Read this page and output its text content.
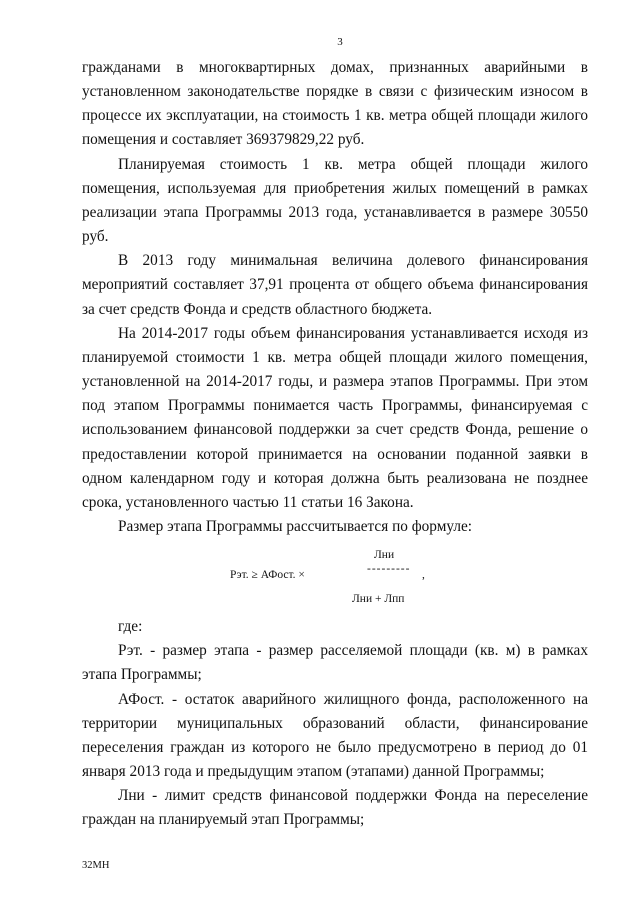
3

гражданами в многоквартирных домах, признанных аварийными в установленном законодательстве порядке в связи с физическим износом в процессе их эксплуатации, на стоимость 1 кв. метра общей площади жилого помещения и составляет 369379829,22 руб.

Планируемая стоимость 1 кв. метра общей площади жилого помещения, используемая для приобретения жилых помещений в рамках реализации этапа Программы 2013 года, устанавливается в размере 30550 руб.

В 2013 году минимальная величина долевого финансирования мероприятий составляет 37,91 процента от общего объема финансирования за счет средств Фонда и средств областного бюджета.

На 2014-2017 годы объем финансирования устанавливается исходя из планируемой стоимости 1 кв. метра общей площади жилого помещения, установленной на 2014-2017 годы, и размера этапов Программы. При этом под этапом Программы понимается часть Программы, финансируемая с использованием финансовой поддержки за счет средств Фонда, решение о предоставлении которой принимается на основании поданной заявки в одном календарном году и которая должна быть реализована не позднее срока, установленного частью 11 статьи 16 Закона.

Размер этапа Программы рассчитывается по формуле:

Лни
---------
Рэт. ≥ АФост. ×	,
Лни + Лпп

где:

Рэт. - размер этапа - размер расселяемой площади (кв. м) в рамках этапа Программы;

АФост. - остаток аварийного жилищного фонда, расположенного на территории муниципальных образований области, финансирование переселения граждан из которого не было предусмотрено в период до 01 января 2013 года и предыдущим этапом (этапами) данной Программы;

Лни - лимит средств финансовой поддержки Фонда на переселение граждан на планируемый этап Программы;

32МН
